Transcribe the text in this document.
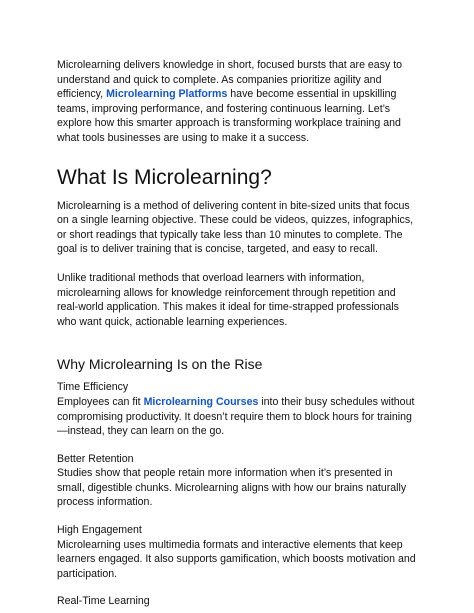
Microlearning delivers knowledge in short, focused bursts that are easy to understand and quick to complete. As companies prioritize agility and efficiency, Microlearning Platforms have become essential in upskilling teams, improving performance, and fostering continuous learning. Let’s explore how this smarter approach is transforming workplace training and what tools businesses are using to make it a success.

What Is Microlearning?

Microlearning is a method of delivering content in bite-sized units that focus on a single learning objective. These could be videos, quizzes, infographics, or short readings that typically take less than 10 minutes to complete. The goal is to deliver training that is concise, targeted, and easy to recall.

Unlike traditional methods that overload learners with information, microlearning allows for knowledge reinforcement through repetition and real-world application. This makes it ideal for time-strapped professionals who want quick, actionable learning experiences.

Why Microlearning Is on the Rise

Time Efficiency

Employees can fit Microlearning Courses into their busy schedules without compromising productivity. It doesn’t require them to block hours for training—instead, they can learn on the go.

Better Retention

Studies show that people retain more information when it’s presented in small, digestible chunks. Microlearning aligns with how our brains naturally process information.

High Engagement

Microlearning uses multimedia formats and interactive elements that keep learners engaged. It also supports gamification, which boosts motivation and participation.

Real-Time Learning
